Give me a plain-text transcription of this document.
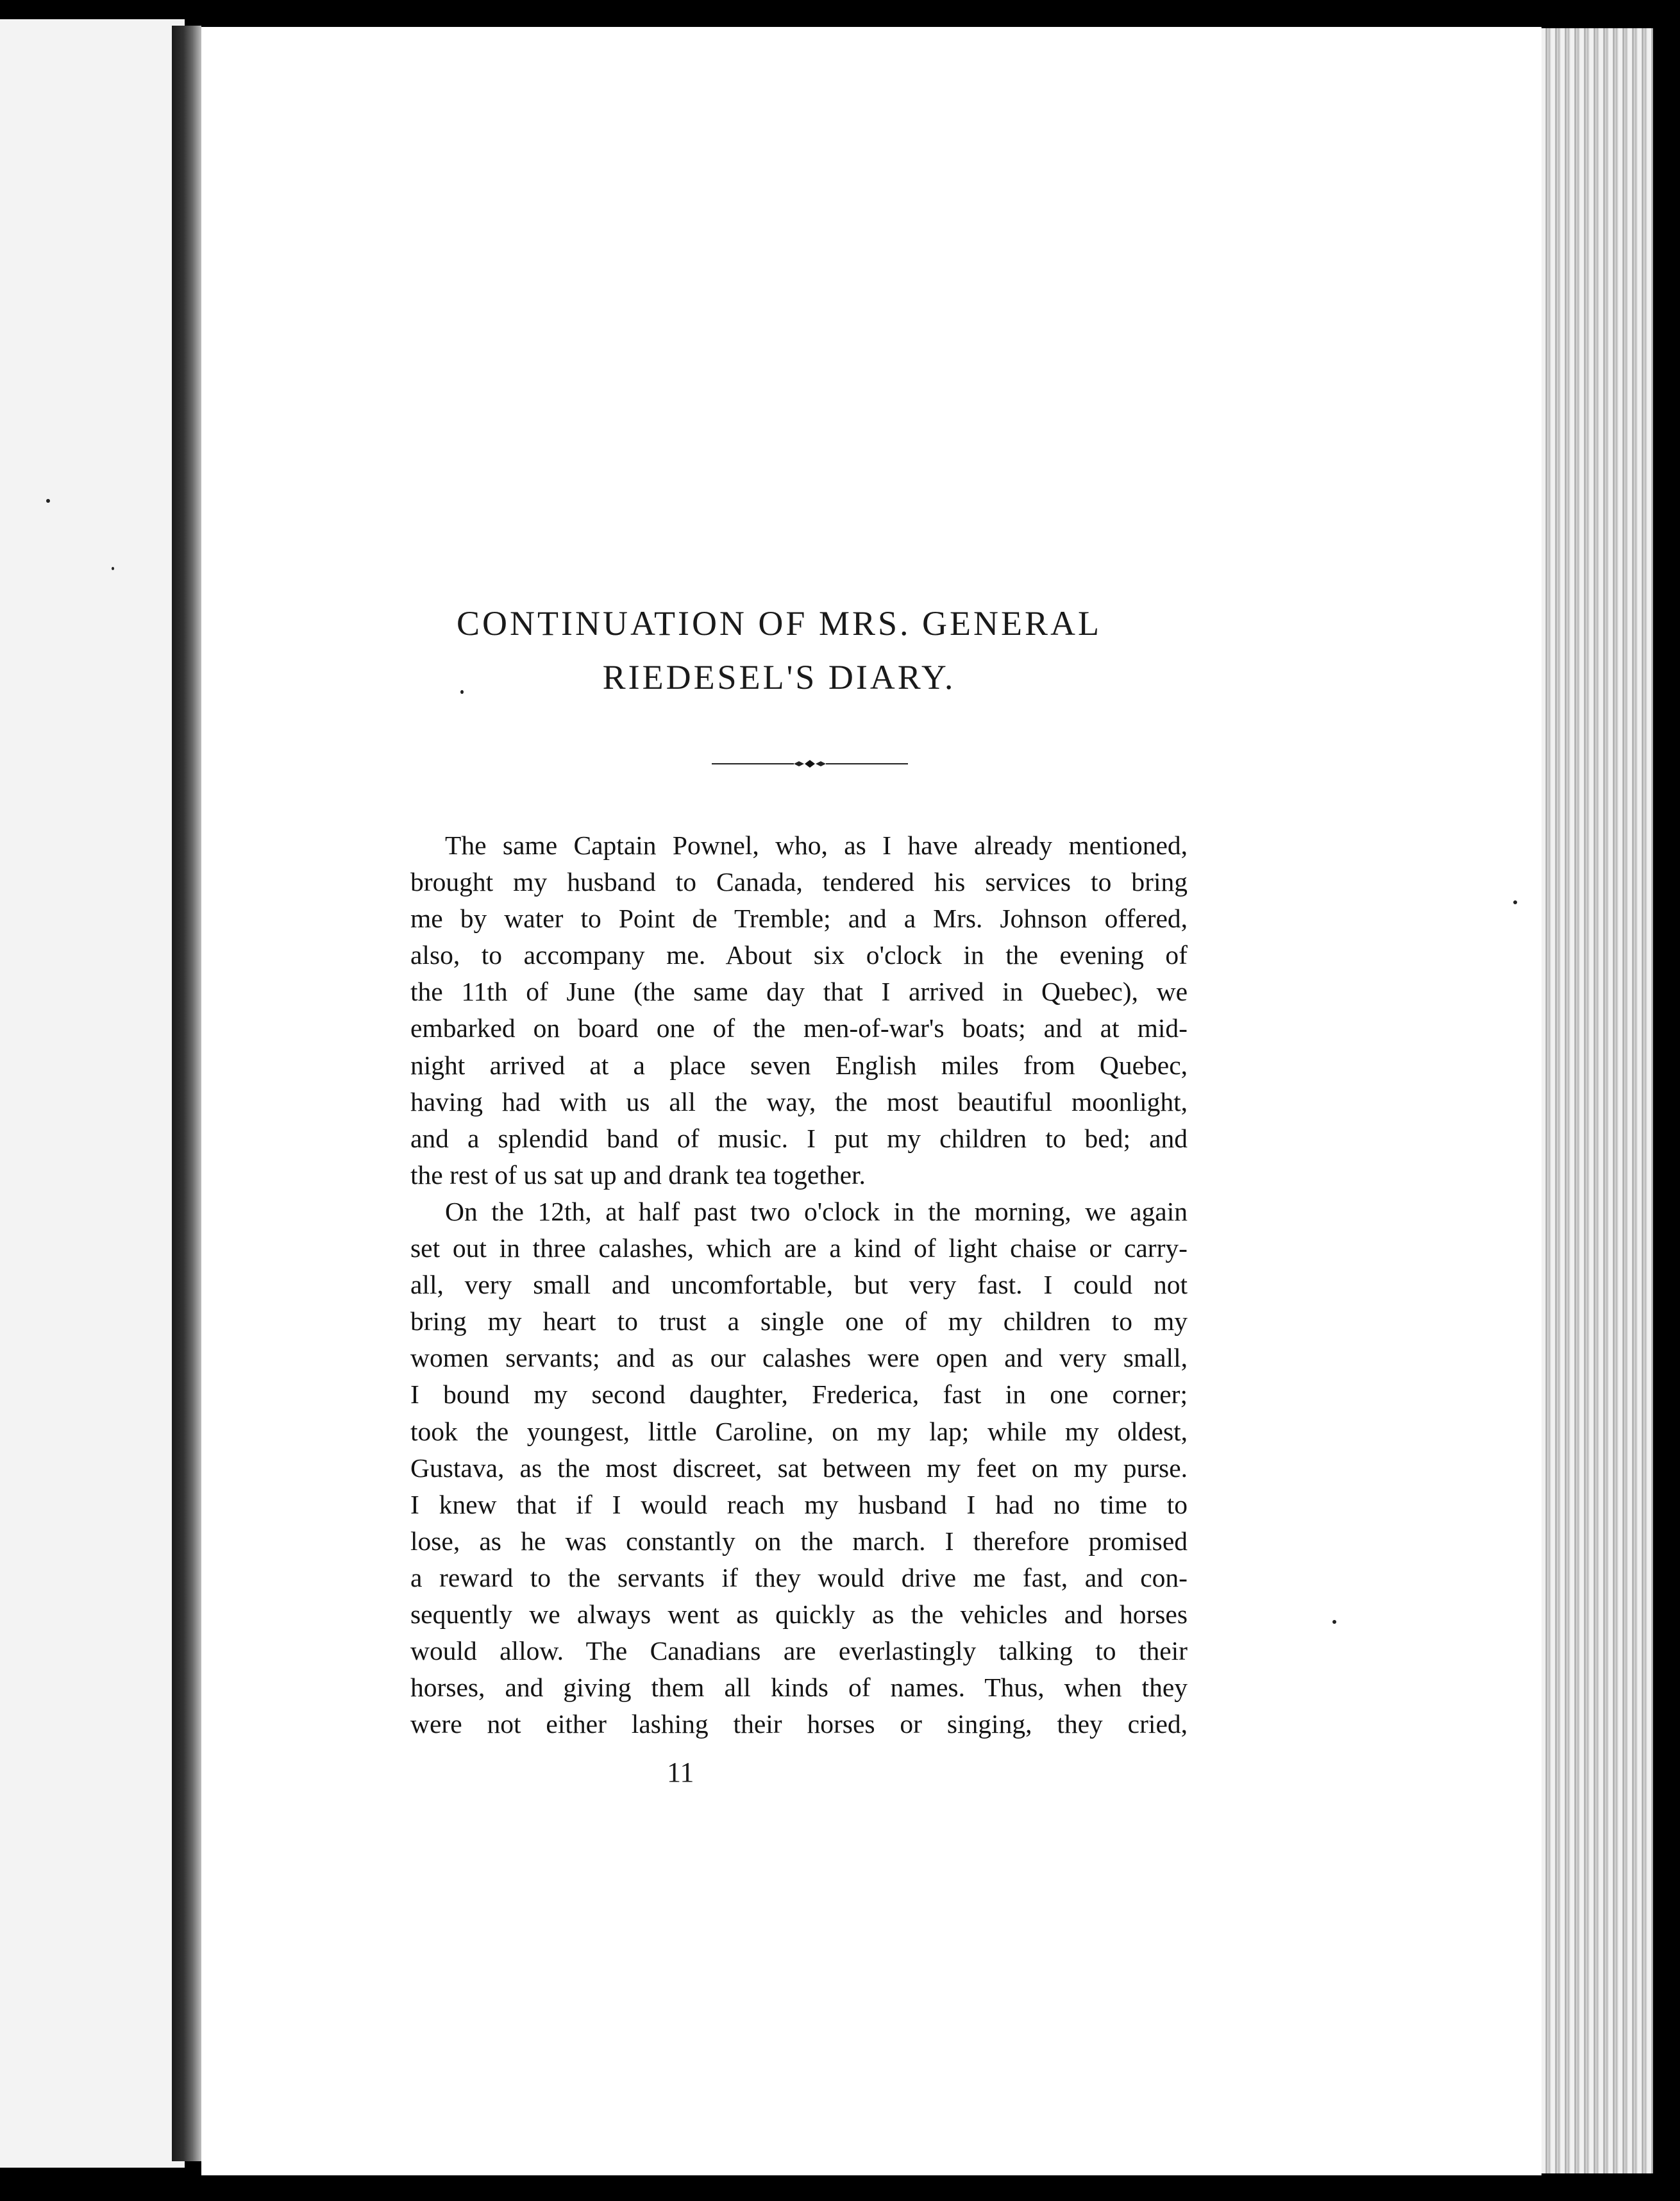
CONTINUATION OF MRS. GENERAL
RIEDESEL'S DIARY.
The same Captain Pownel, who, as I have already mentioned,
brought my husband to Canada, tendered his services to bring
me by water to Point de Tremble; and a Mrs. Johnson offered,
also, to accompany me. About six o'clock in the evening of
the 11th of June (the same day that I arrived in Quebec), we
embarked on board one of the men-of-war's boats; and at mid-
night arrived at a place seven English miles from Quebec,
having had with us all the way, the most beautiful moonlight,
and a splendid band of music. I put my children to bed; and
the rest of us sat up and drank tea together.
On the 12th, at half past two o'clock in the morning, we again
set out in three calashes, which are a kind of light chaise or carry-
all, very small and uncomfortable, but very fast. I could not
bring my heart to trust a single one of my children to my
women servants; and as our calashes were open and very small,
I bound my second daughter, Frederica, fast in one corner;
took the youngest, little Caroline, on my lap; while my oldest,
Gustava, as the most discreet, sat between my feet on my purse.
I knew that if I would reach my husband I had no time to
lose, as he was constantly on the march. I therefore promised
a reward to the servants if they would drive me fast, and con-
sequently we always went as quickly as the vehicles and horses
would allow. The Canadians are everlastingly talking to their
horses, and giving them all kinds of names. Thus, when they
were not either lashing their horses or singing, they cried,
11
